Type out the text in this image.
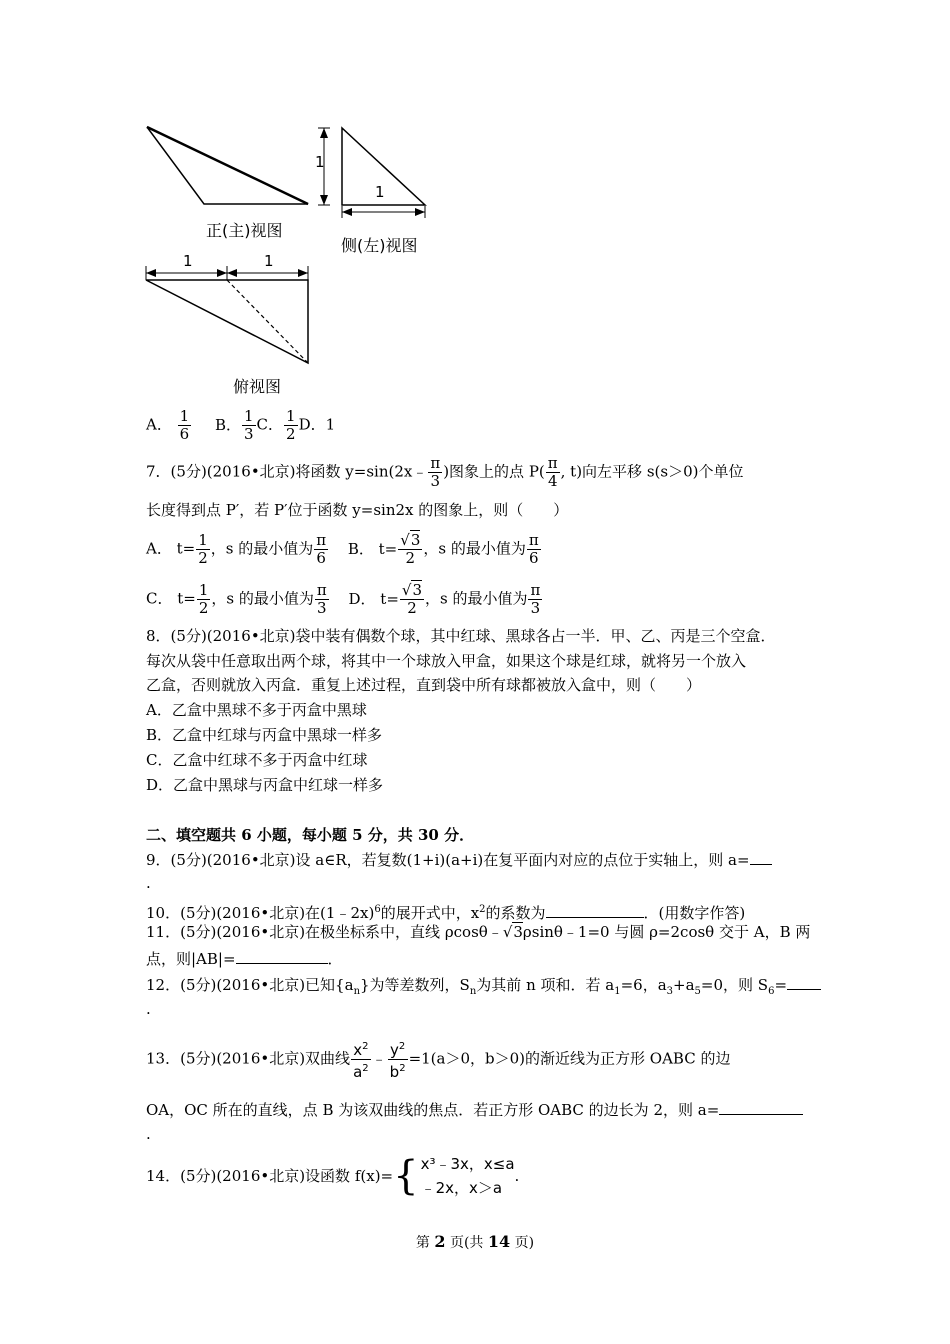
正(主)视图
1
1
侧(左)视图
1	1
俯视图
A． $\frac{1}{6}$ B． $\frac{1}{3}$ C． $\frac{1}{2}$ D．1
7．(5分)(2016•北京)将函数 y=sin(2x﹣ $\frac{\pi}{3}$ )图象上的点 $P( \frac{\pi}{4}$ , t)向左平移 s(s＞0)个单位
长度得到点 P′，若 P′位于函数 y=sin2x 的图象上，则（　　）
A． $t= \frac{1}{2}$ ，s 的最小值为 $\frac{\pi}{6}$ B． $t= \frac{√3}{2}$ ，s 的最小值为 $\frac{\pi}{6}$
C． $t= \frac{1}{2}$ ，s 的最小值为 $\frac{\pi}{3}$ D． $t= \frac{√3}{2}$ ，s 的最小值为 $\frac{\pi}{3}$
8．(5分)(2016•北京)袋中装有偶数个球，其中红球、黑球各占一半．甲、乙、丙是三个空盒．
每次从袋中任意取出两个球，将其中一个球放入甲盒，如果这个球是红球，就将另一个放入
乙盒，否则就放入丙盒．重复上述过程，直到袋中所有球都被放入盒中，则（　　）
A．乙盒中黑球不多于丙盒中黑球
B．乙盒中红球与丙盒中黑球一样多
C．乙盒中红球不多于丙盒中红球
D．乙盒中黑球与丙盒中红球一样多
二、填空题共 6 小题，每小题 5 分，共 30 分．
9．(5分)(2016•北京)设 a∈R，若复数(1+i)(a+i)在复平面内对应的点位于实轴上，则 a=
.
10．(5分)(2016•北京)在(1﹣2x)$^6$的展开式中，$x^2$的系数为	．(用数字作答)
11．(5分)(2016•北京)在极坐标系中，直线 ρcosθ﹣√3ρsinθ﹣1=0 与圆 ρ=2cosθ 交于 A，B 两
点，则|AB|=	．
12．(5分)(2016•北京)已知$\{a_n\}$为等差数列，$S_n$为其前 n 项和．若 $a_1=6$，$a_3+a_5=0$，则 $S_6=$
.
13．(5分)(2016•北京)双曲线 $\frac{x^2}{a^2}$ ﹣ $\frac{y^2}{b^2} =1(a>0$，b＞0)的渐近线为正方形 OABC 的边
OA，OC 所在的直线，点 B 为该双曲线的焦点．若正方形 OABC 的边长为 2，则 a=
.
14．(5分)(2016•北京)设函数 f(x)={ x³﹣3x，x≤a
﹣2x，x＞a
.
第 2 页(共 14 页)
